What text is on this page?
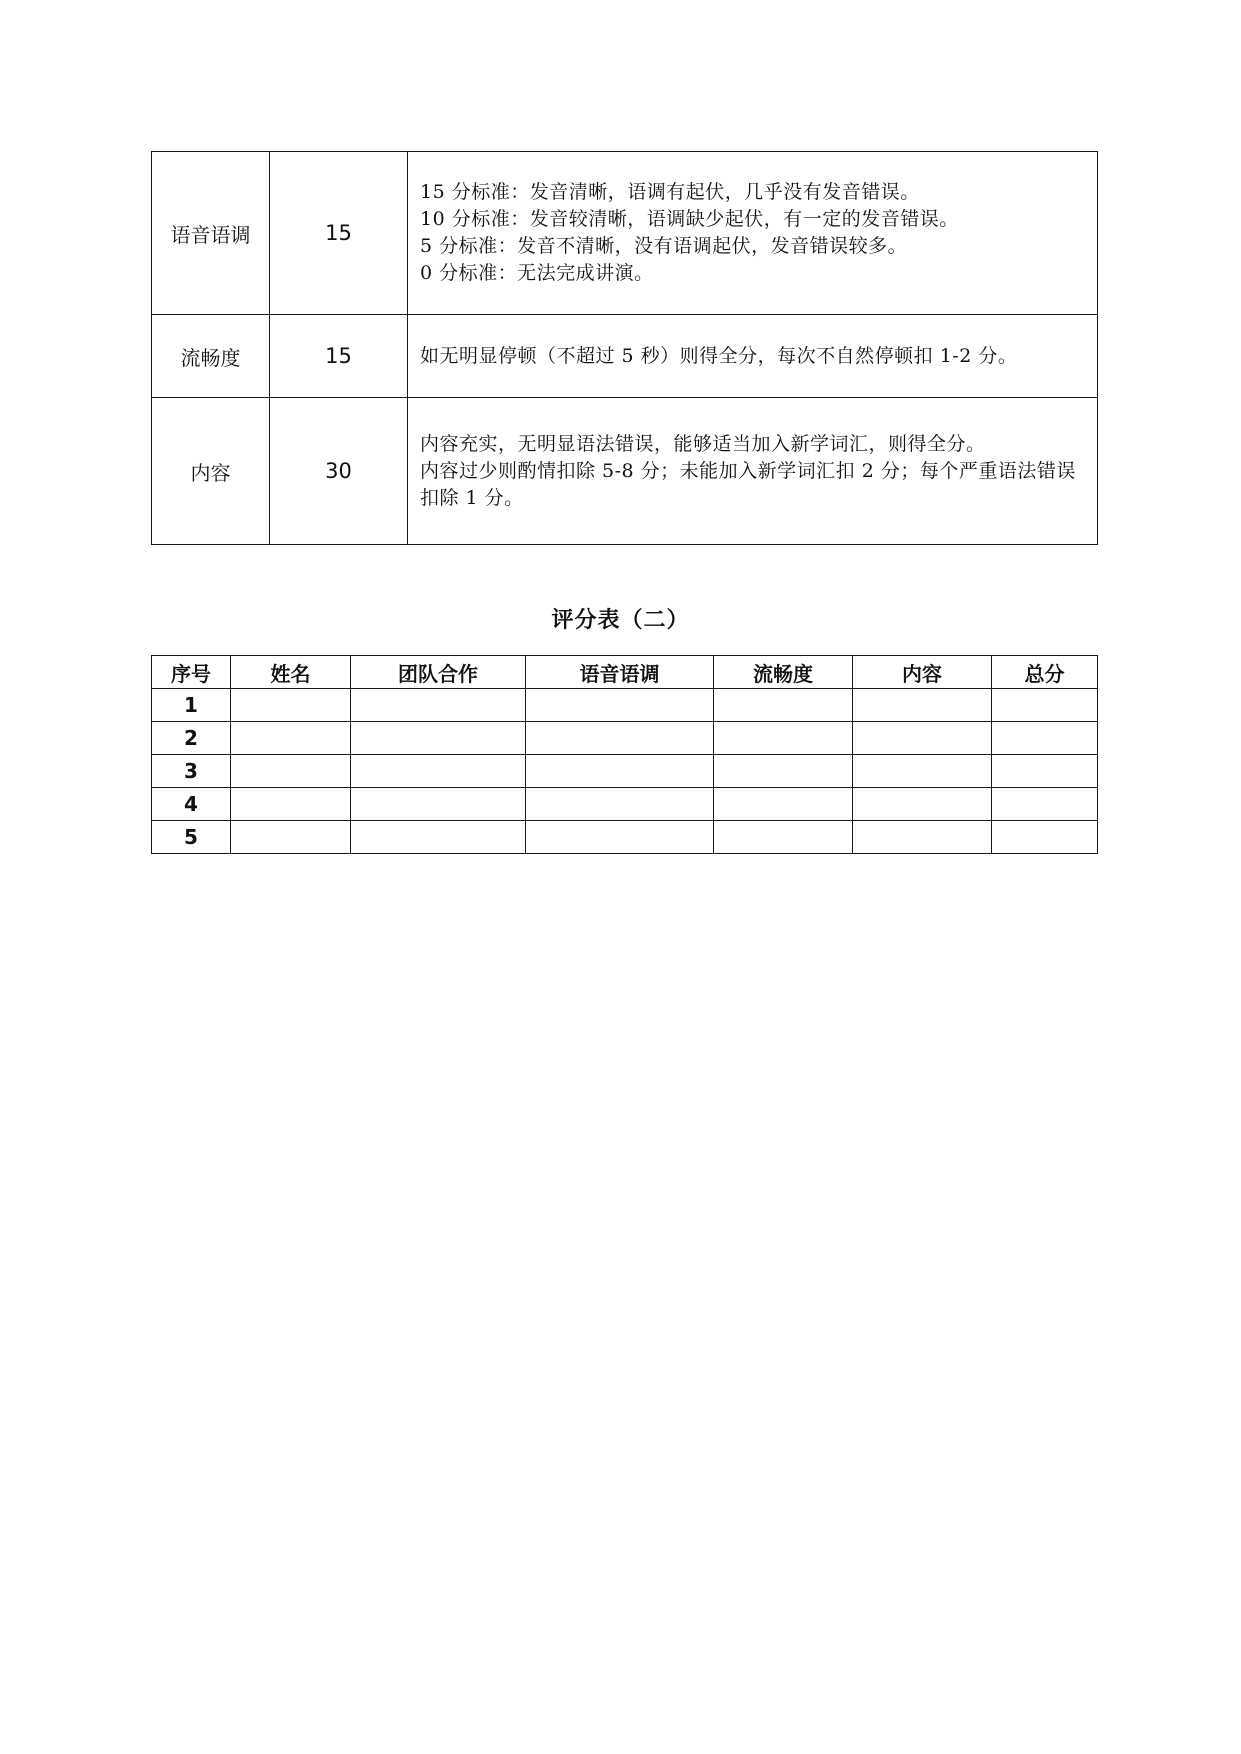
语音语调	15	15 分标准：发音清晰，语调有起伏，几乎没有发音错误。
10 分标准：发音较清晰，语调缺少起伏，有一定的发音错误。
5 分标准：发音不清晰，没有语调起伏，发音错误较多。
0 分标准：无法完成讲演。

流畅度	15	如无明显停顿（不超过 5 秒）则得全分，每次不自然停顿扣 1-2 分。

内容	30	内容充实，无明显语法错误，能够适当加入新学词汇，则得全分。
内容过少则酌情扣除 5-8 分；未能加入新学词汇扣 2 分；每个严重语法错误扣除 1 分。
评分表（二）
序号	姓名	团队合作	语音语调	流畅度	内容	总分
1						
2						
3						
4						
5						
